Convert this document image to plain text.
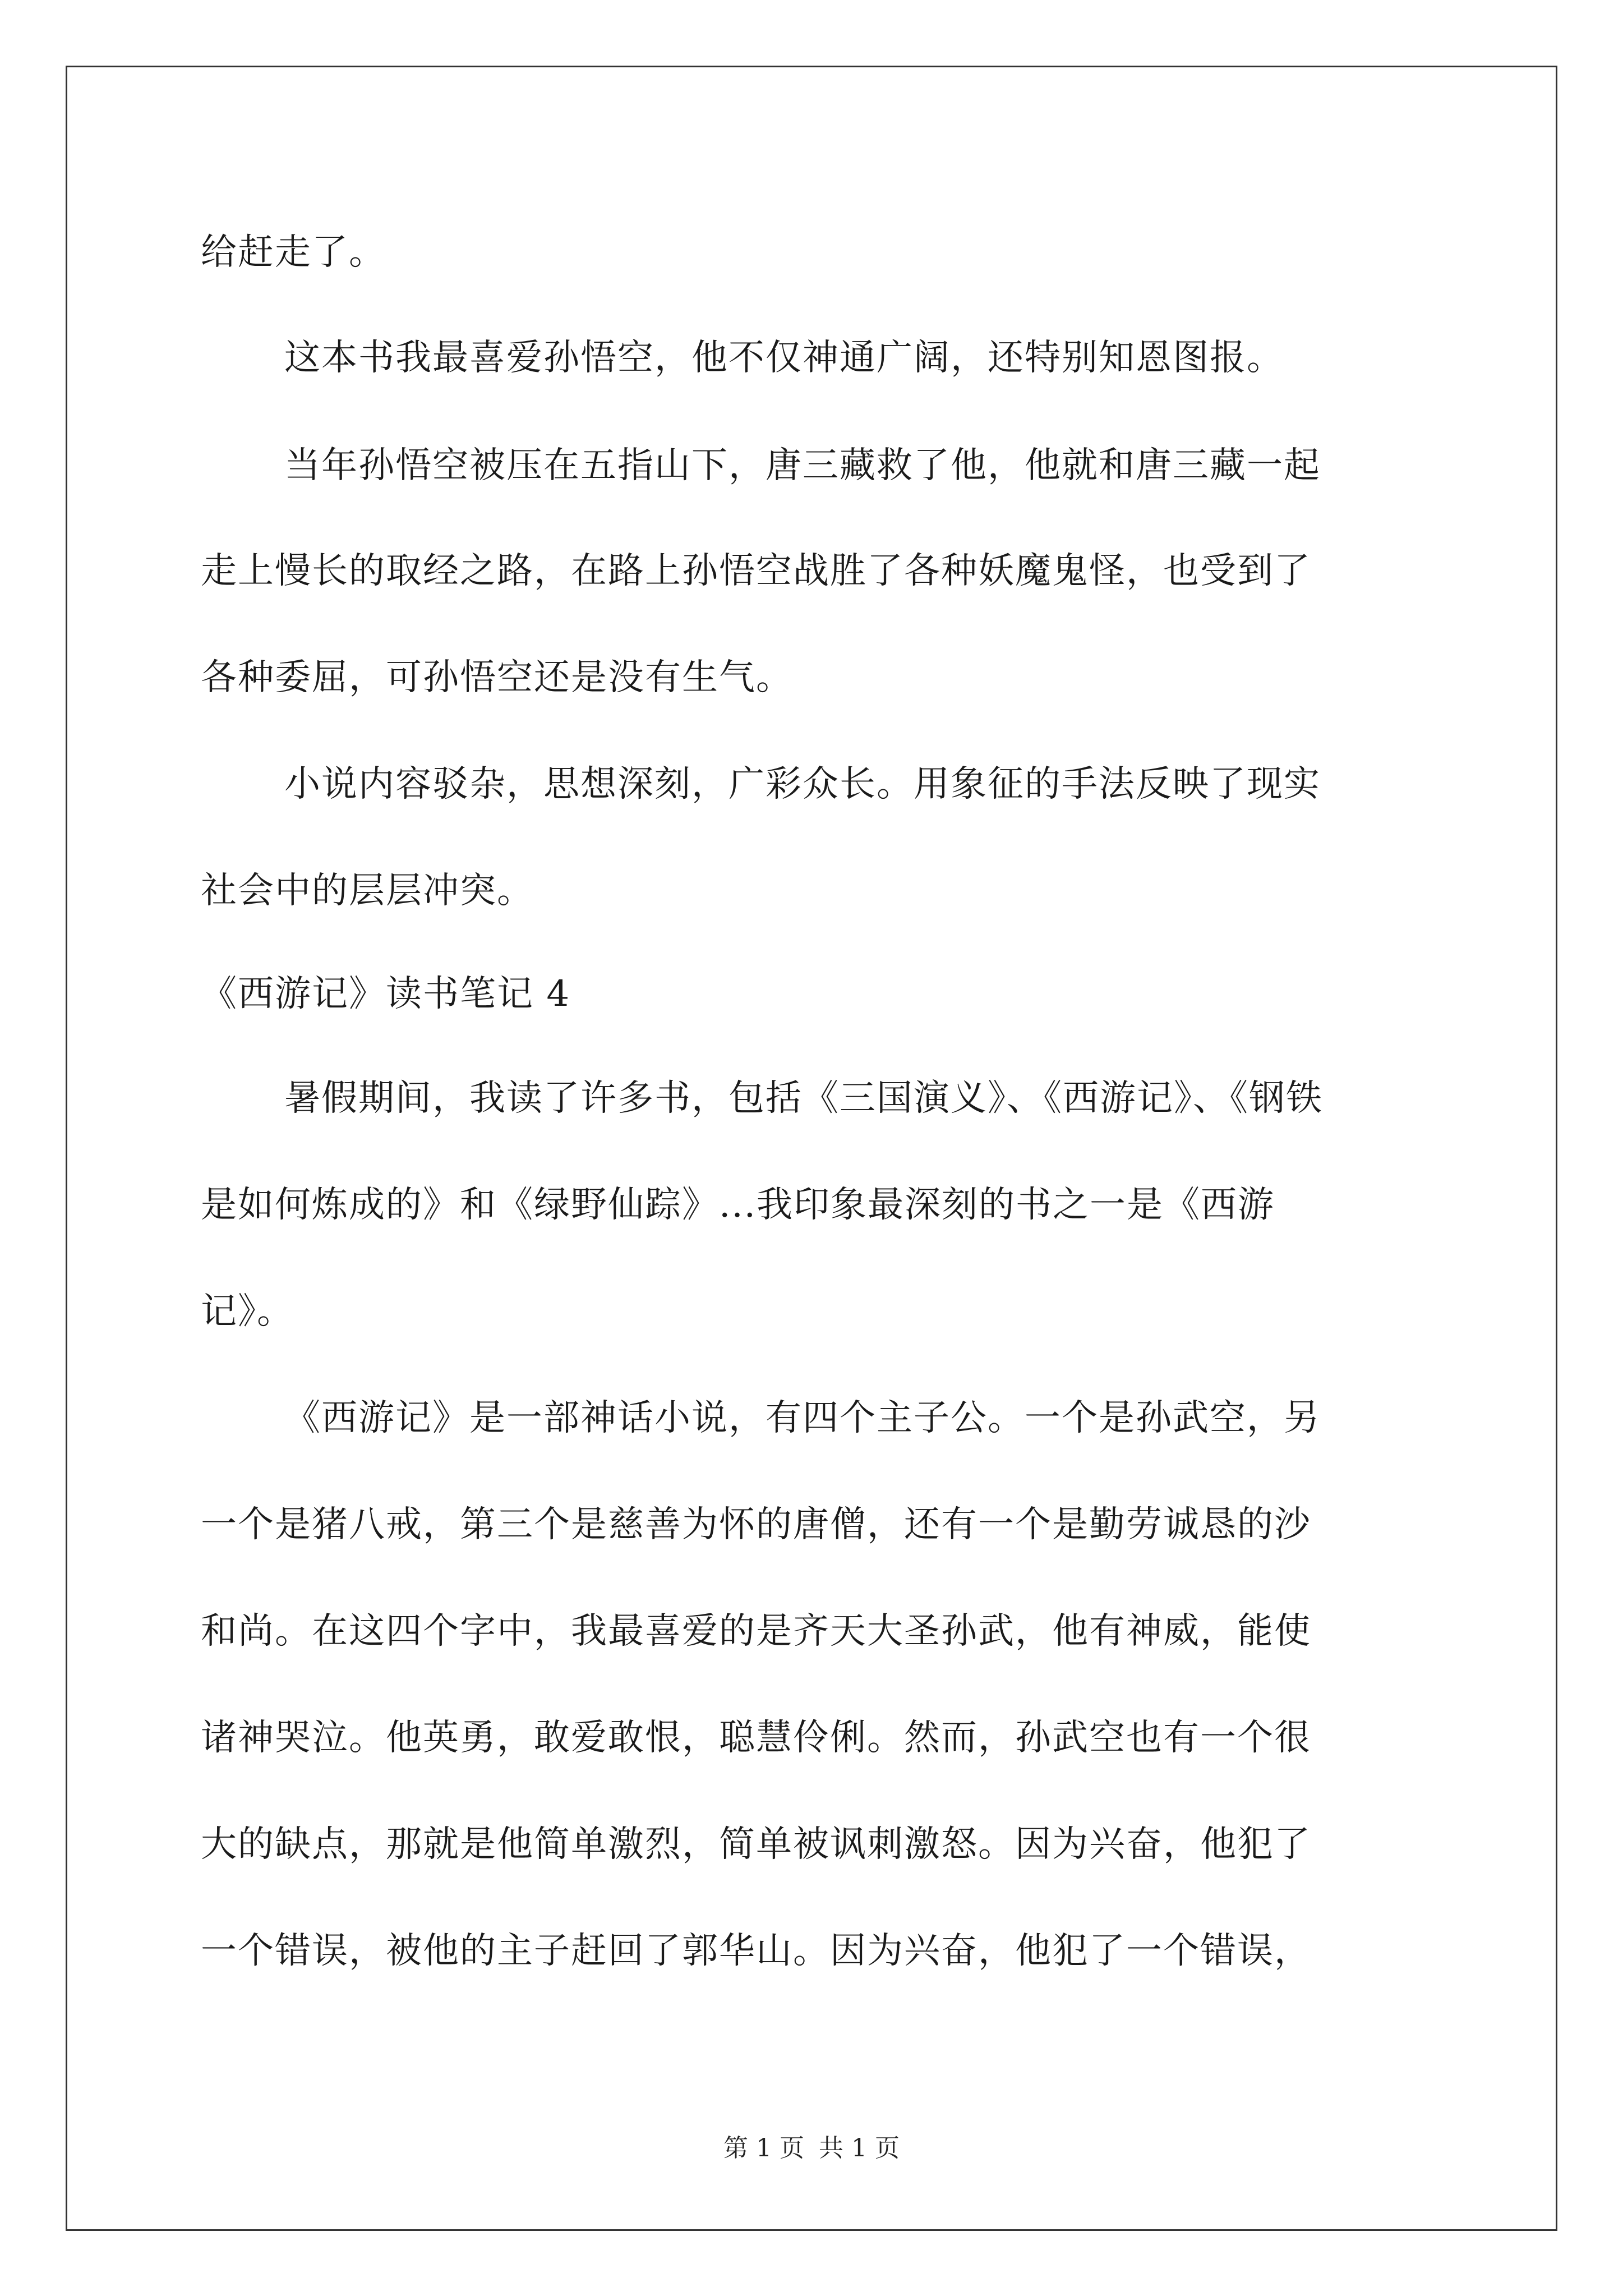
给赶走了。
这本书我最喜爱孙悟空，他不仅神通广阔，还特别知恩图报。
当年孙悟空被压在五指山下，唐三藏救了他，他就和唐三藏一起
走上慢长的取经之路，在路上孙悟空战胜了各种妖魔鬼怪，也受到了
各种委屈，可孙悟空还是没有生气。
小说内容驳杂，思想深刻，广彩众长。用象征的手法反映了现实
社会中的层层冲突。
《西游记》读书笔记 4
暑假期间，我读了许多书，包括《三国演义》、《西游记》、《钢铁
是如何炼成的》和《绿野仙踪》...我印象最深刻的书之一是《西游
记》。
《西游记》是一部神话小说，有四个主子公。一个是孙武空，另
一个是猪八戒，第三个是慈善为怀的唐僧，还有一个是勤劳诚恳的沙
和尚。在这四个字中，我最喜爱的是齐天大圣孙武，他有神威，能使
诸神哭泣。他英勇，敢爱敢恨，聪慧伶俐。然而，孙武空也有一个很
大的缺点，那就是他简单激烈，简单被讽刺激怒。因为兴奋，他犯了
一个错误，被他的主子赶回了郭华山。因为兴奋，他犯了一个错误，
第 1 页 共 1 页
